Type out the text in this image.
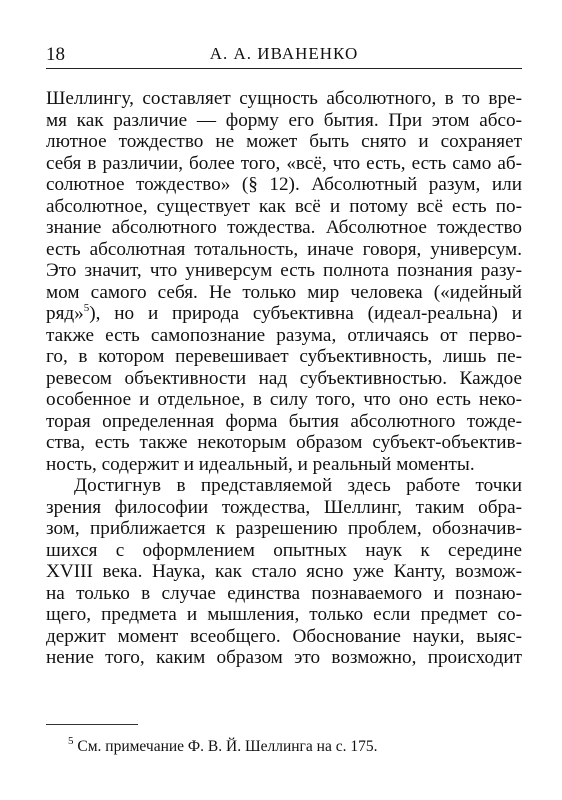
18	А. А. ИВАНЕНКО
Шеллингу, составляет сущность абсолютного, в то вре-
мя как различие — форму его бытия. При этом абсо-
лютное тождество не может быть снято и сохраняет
себя в различии, более того, «всё, что есть, есть само аб-
солютное тождество» (§ 12). Абсолютный разум, или
абсолютное, существует как всё и потому всё есть по-
знание абсолютного тождества. Абсолютное тождество
есть абсолютная тотальность, иначе говоря, универсум.
Это значит, что универсум есть полнота познания разу-
мом самого себя. Не только мир человека («идейный
ряд»$^5$), но и природа субъективна (идеал-реальна) и
также есть самопознание разума, отличаясь от перво-
го, в котором перевешивает субъективность, лишь пе-
ревесом объективности над субъективностью. Каждое
особенное и отдельное, в силу того, что оно есть неко-
торая определенная форма бытия абсолютного тожде-
ства, есть также некоторым образом субъект-объектив-
ность, содержит и идеальный, и реальный моменты.
Достигнув в представляемой здесь работе точки
зрения философии тождества, Шеллинг, таким обра-
зом, приближается к разрешению проблем, обозначив-
шихся с оформлением опытных наук к середине
XVIII века. Наука, как стало ясно уже Канту, возмож-
на только в случае единства познаваемого и познаю-
щего, предмета и мышления, только если предмет со-
держит момент всеобщего. Обоснование науки, выяс-
нение того, каким образом это возможно, происходит
$^5$ См. примечание Ф. В. Й. Шеллинга на с. 175.
